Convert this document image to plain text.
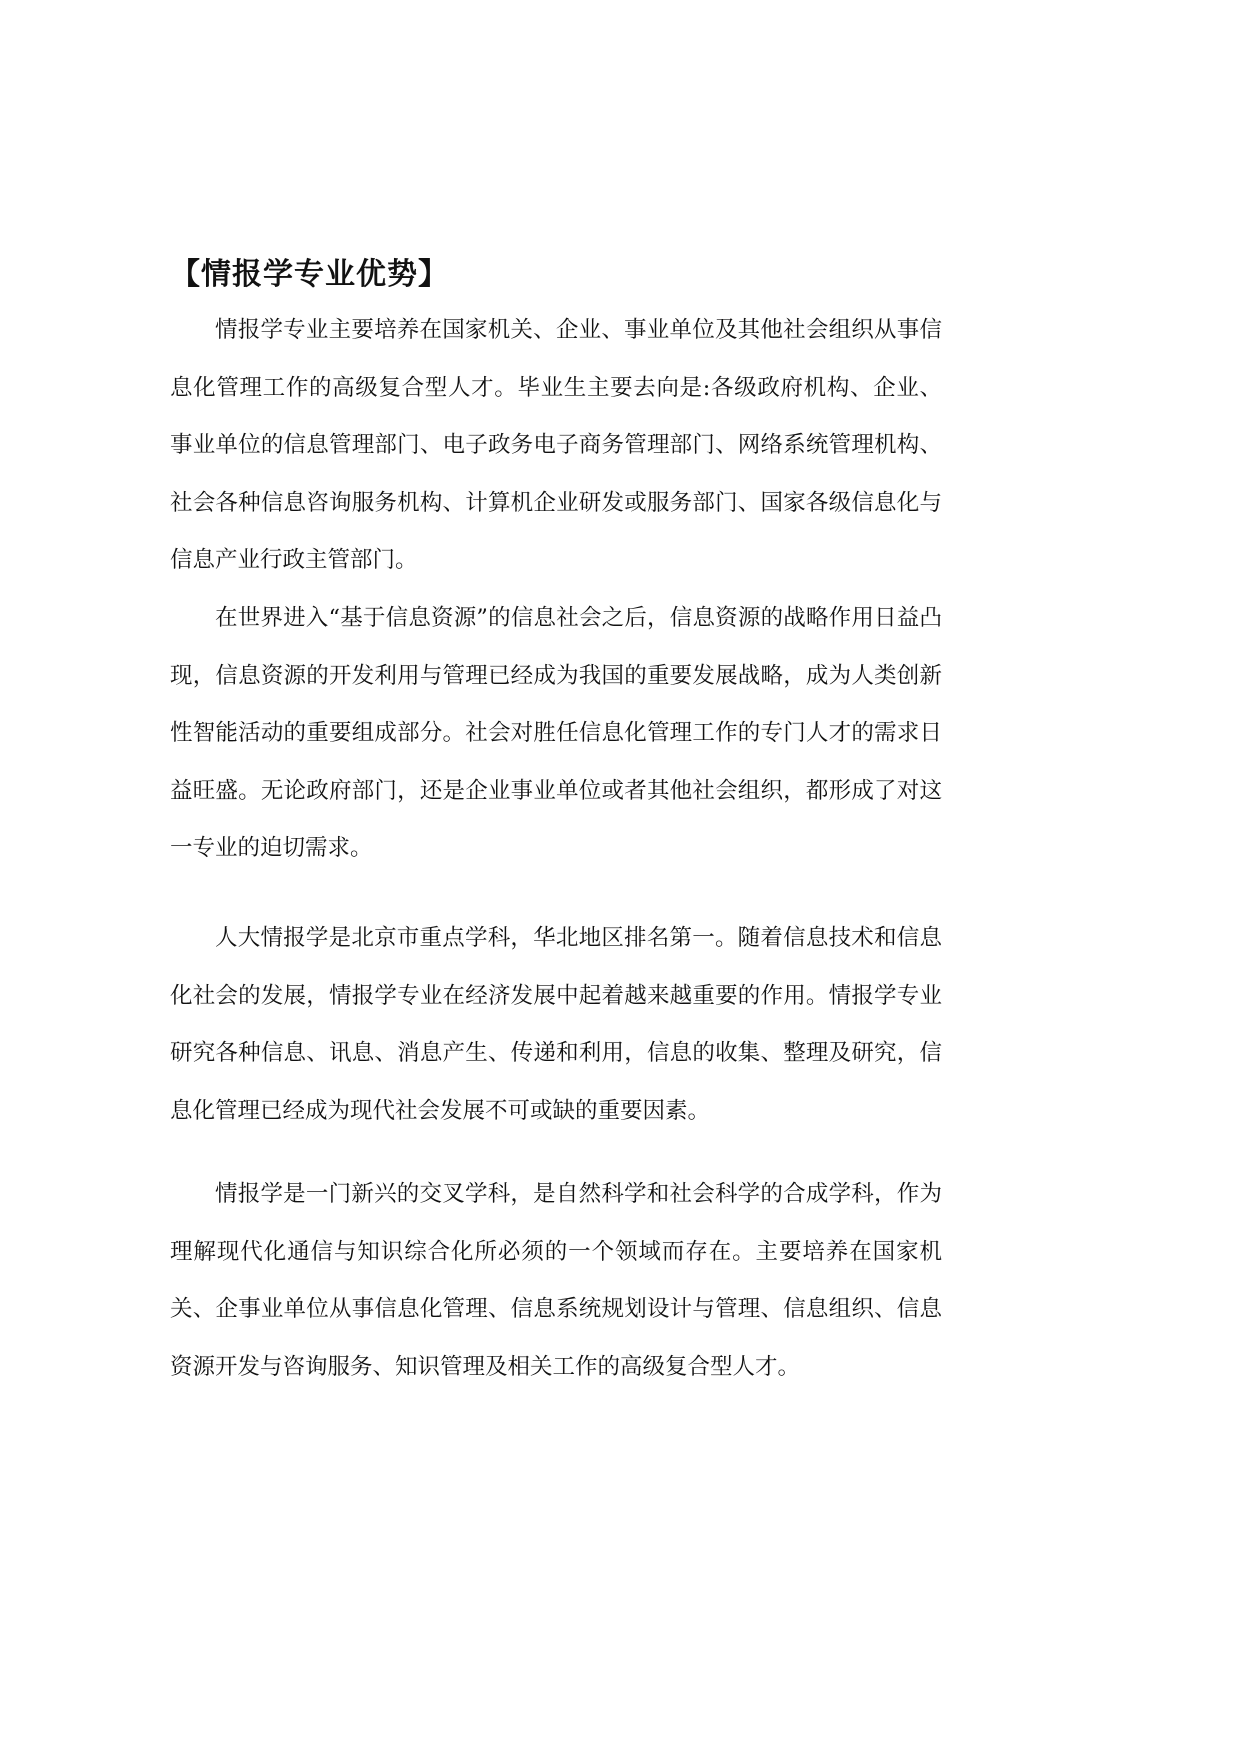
【情报学专业优势】

情报学专业主要培养在国家机关、企业、事业单位及其他社会组织从事信息化管理工作的高级复合型人才。毕业生主要去向是:各级政府机构、企业、事业单位的信息管理部门、电子政务电子商务管理部门、网络系统管理机构、社会各种信息咨询服务机构、计算机企业研发或服务部门、国家各级信息化与信息产业行政主管部门。

在世界进入“基于信息资源”的信息社会之后，信息资源的战略作用日益凸现，信息资源的开发利用与管理已经成为我国的重要发展战略，成为人类创新性智能活动的重要组成部分。社会对胜任信息化管理工作的专门人才的需求日益旺盛。无论政府部门，还是企业事业单位或者其他社会组织，都形成了对这一专业的迫切需求。

人大情报学是北京市重点学科，华北地区排名第一。随着信息技术和信息化社会的发展，情报学专业在经济发展中起着越来越重要的作用。情报学专业研究各种信息、讯息、消息产生、传递和利用，信息的收集、整理及研究，信息化管理已经成为现代社会发展不可或缺的重要因素。

情报学是一门新兴的交叉学科，是自然科学和社会科学的合成学科，作为理解现代化通信与知识综合化所必须的一个领域而存在。主要培养在国家机关、企事业单位从事信息化管理、信息系统规划设计与管理、信息组织、信息资源开发与咨询服务、知识管理及相关工作的高级复合型人才。
